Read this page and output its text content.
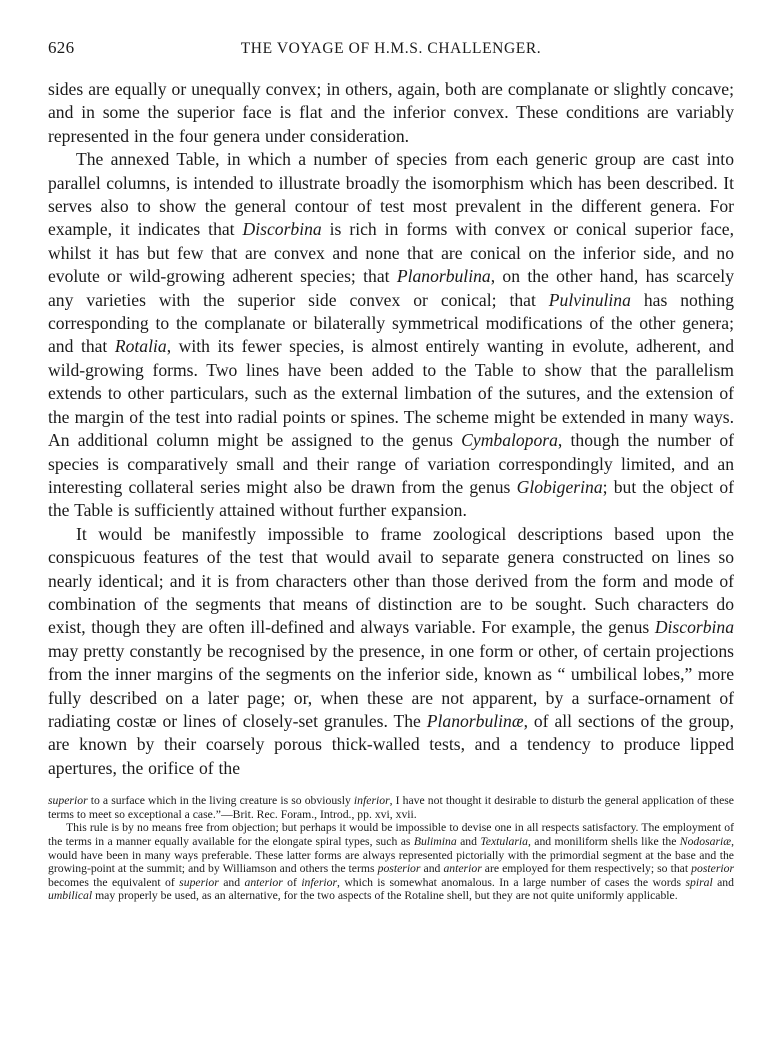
626	THE VOYAGE OF H.M.S. CHALLENGER.

sides are equally or unequally convex; in others, again, both are complanate or slightly concave; and in some the superior face is flat and the inferior convex. These conditions are variably represented in the four genera under consideration.

The annexed Table, in which a number of species from each generic group are cast into parallel columns, is intended to illustrate broadly the isomorphism which has been described. It serves also to show the general contour of test most prevalent in the different genera. For example, it indicates that Discorbina is rich in forms with convex or conical superior face, whilst it has but few that are convex and none that are conical on the inferior side, and no evolute or wild-growing adherent species; that Planorbulina, on the other hand, has scarcely any varieties with the superior side convex or conical; that Pulvinulina has nothing corresponding to the complanate or bilaterally symmetrical modifications of the other genera; and that Rotalia, with its fewer species, is almost entirely wanting in evolute, adherent, and wild-growing forms. Two lines have been added to the Table to show that the parallelism extends to other particulars, such as the external limbation of the sutures, and the extension of the margin of the test into radial points or spines. The scheme might be extended in many ways. An additional column might be assigned to the genus Cymbalopora, though the number of species is comparatively small and their range of variation correspondingly limited, and an interesting collateral series might also be drawn from the genus Globigerina; but the object of the Table is sufficiently attained without further expansion.

It would be manifestly impossible to frame zoological descriptions based upon the conspicuous features of the test that would avail to separate genera constructed on lines so nearly identical; and it is from characters other than those derived from the form and mode of combination of the segments that means of distinction are to be sought. Such characters do exist, though they are often ill-defined and always variable. For example, the genus Discorbina may pretty constantly be recognised by the presence, in one form or other, of certain projections from the inner margins of the segments on the inferior side, known as “ umbilical lobes,” more fully described on a later page; or, when these are not apparent, by a surface-ornament of radiating costæ or lines of closely-set granules. The Planorbulinæ, of all sections of the group, are known by their coarsely porous thick-walled tests, and a tendency to produce lipped apertures, the orifice of the

superior to a surface which in the living creature is so obviously inferior, I have not thought it desirable to disturb the general application of these terms to meet so exceptional a case.”—Brit. Rec. Foram., Introd., pp. xvi, xvii.

This rule is by no means free from objection; but perhaps it would be impossible to devise one in all respects satisfactory. The employment of the terms in a manner equally available for the elongate spiral types, such as Bulimina and Textularia, and moniliform shells like the Nodosariæ, would have been in many ways preferable. These latter forms are always represented pictorially with the primordial segment at the base and the growing-point at the summit; and by Williamson and others the terms posterior and anterior are employed for them respectively; so that posterior becomes the equivalent of superior and anterior of inferior, which is somewhat anomalous. In a large number of cases the words spiral and umbilical may properly be used, as an alternative, for the two aspects of the Rotaline shell, but they are not quite uniformly applicable.
